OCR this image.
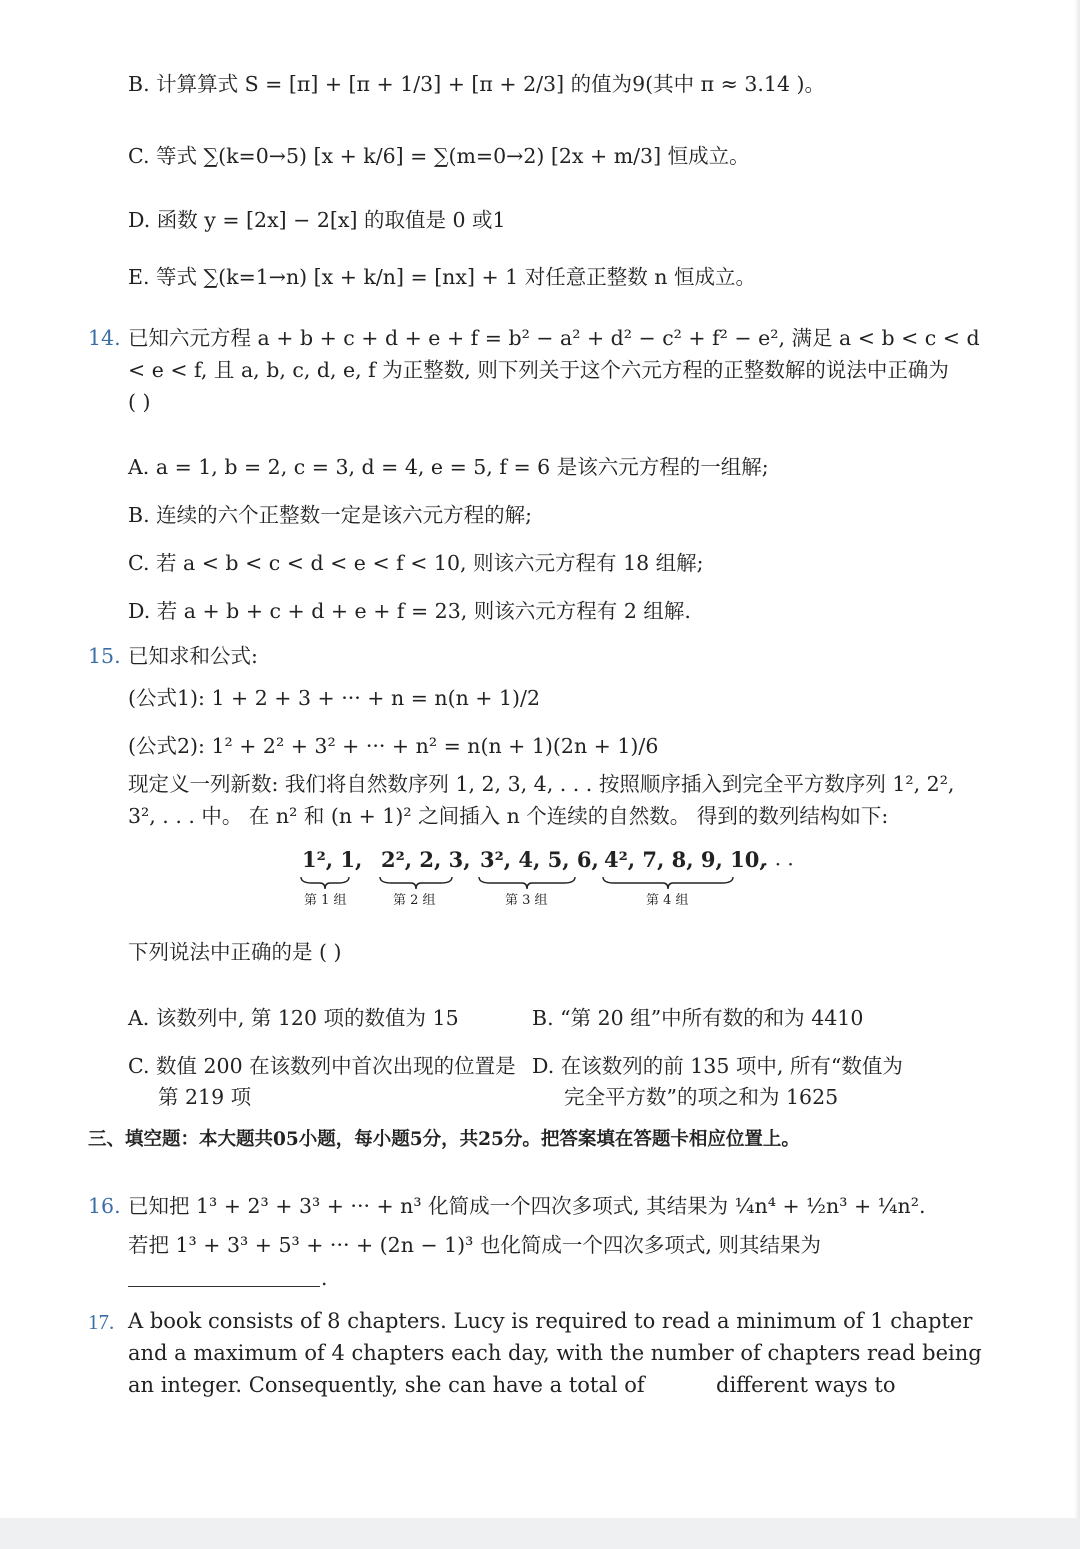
B. 计算算式 S = [π] + [π + 1/3] + [π + 2/3] 的值为9(其中 π ≈ 3.14 )。
C. 等式 ∑(k=0→5) [x + k/6] = ∑(m=0→2) [2x + m/3] 恒成立。
D. 函数 y = [2x] − 2[x] 的取值是 0 或1
E. 等式 ∑(k=1→n) [x + k/n] = [nx] + 1 对任意正整数 n 恒成立。
14. 已知六元方程 a + b + c + d + e + f = b² − a² + d² − c² + f² − e², 满足 a < b < c < d
< e < f, 且 a, b, c, d, e, f 为正整数, 则下列关于这个六元方程的正整数解的说法中正确为
( )
A. a = 1, b = 2, c = 3, d = 4, e = 5, f = 6 是该六元方程的一组解;
B. 连续的六个正整数一定是该六元方程的解;
C. 若 a < b < c < d < e < f < 10, 则该六元方程有 18 组解;
D. 若 a + b + c + d + e + f = 23, 则该六元方程有 2 组解.
15. 已知求和公式:
(公式1): 1 + 2 + 3 + ··· + n = n(n + 1)/2
(公式2): 1² + 2² + 3² + ··· + n² = n(n + 1)(2n + 1)/6
现定义一列新数: 我们将自然数序列 1, 2, 3, 4, . . . 按照顺序插入到完全平方数序列 1², 2²,
3², . . . 中。 在 n² 和 (n + 1)² 之间插入 n 个连续的自然数。 得到的数列结构如下:
1², 1,
第 1 组
2², 2, 3,
第 2 组
3², 4, 5, 6,
第 3 组
4², 7, 8, 9, 10,
第 4 组
· · ·
下列说法中正确的是 ( )
A. 该数列中, 第 120 项的数值为 15	B. “第 20 组”中所有数的和为 4410
C. 数值 200 在该数列中首次出现的位置是
第 219 项
D. 在该数列的前 135 项中, 所有“数值为
完全平方数”的项之和为 1625
三、填空题：本大题共05小题，每小题5分，共25分。把答案填在答题卡相应位置上。
16. 已知把 1³ + 2³ + 3³ + ··· + n³ 化简成一个四次多项式, 其结果为 ¼n⁴ + ½n³ + ¼n².
若把 1³ + 3³ + 5³ + ··· + (2n − 1)³ 也化简成一个四次多项式, 则其结果为
.
17. A book consists of 8 chapters. Lucy is required to read a minimum of 1 chapter
and a maximum of 4 chapters each day, with the number of chapters read being
an integer. Consequently, she can have a total of	different ways to
